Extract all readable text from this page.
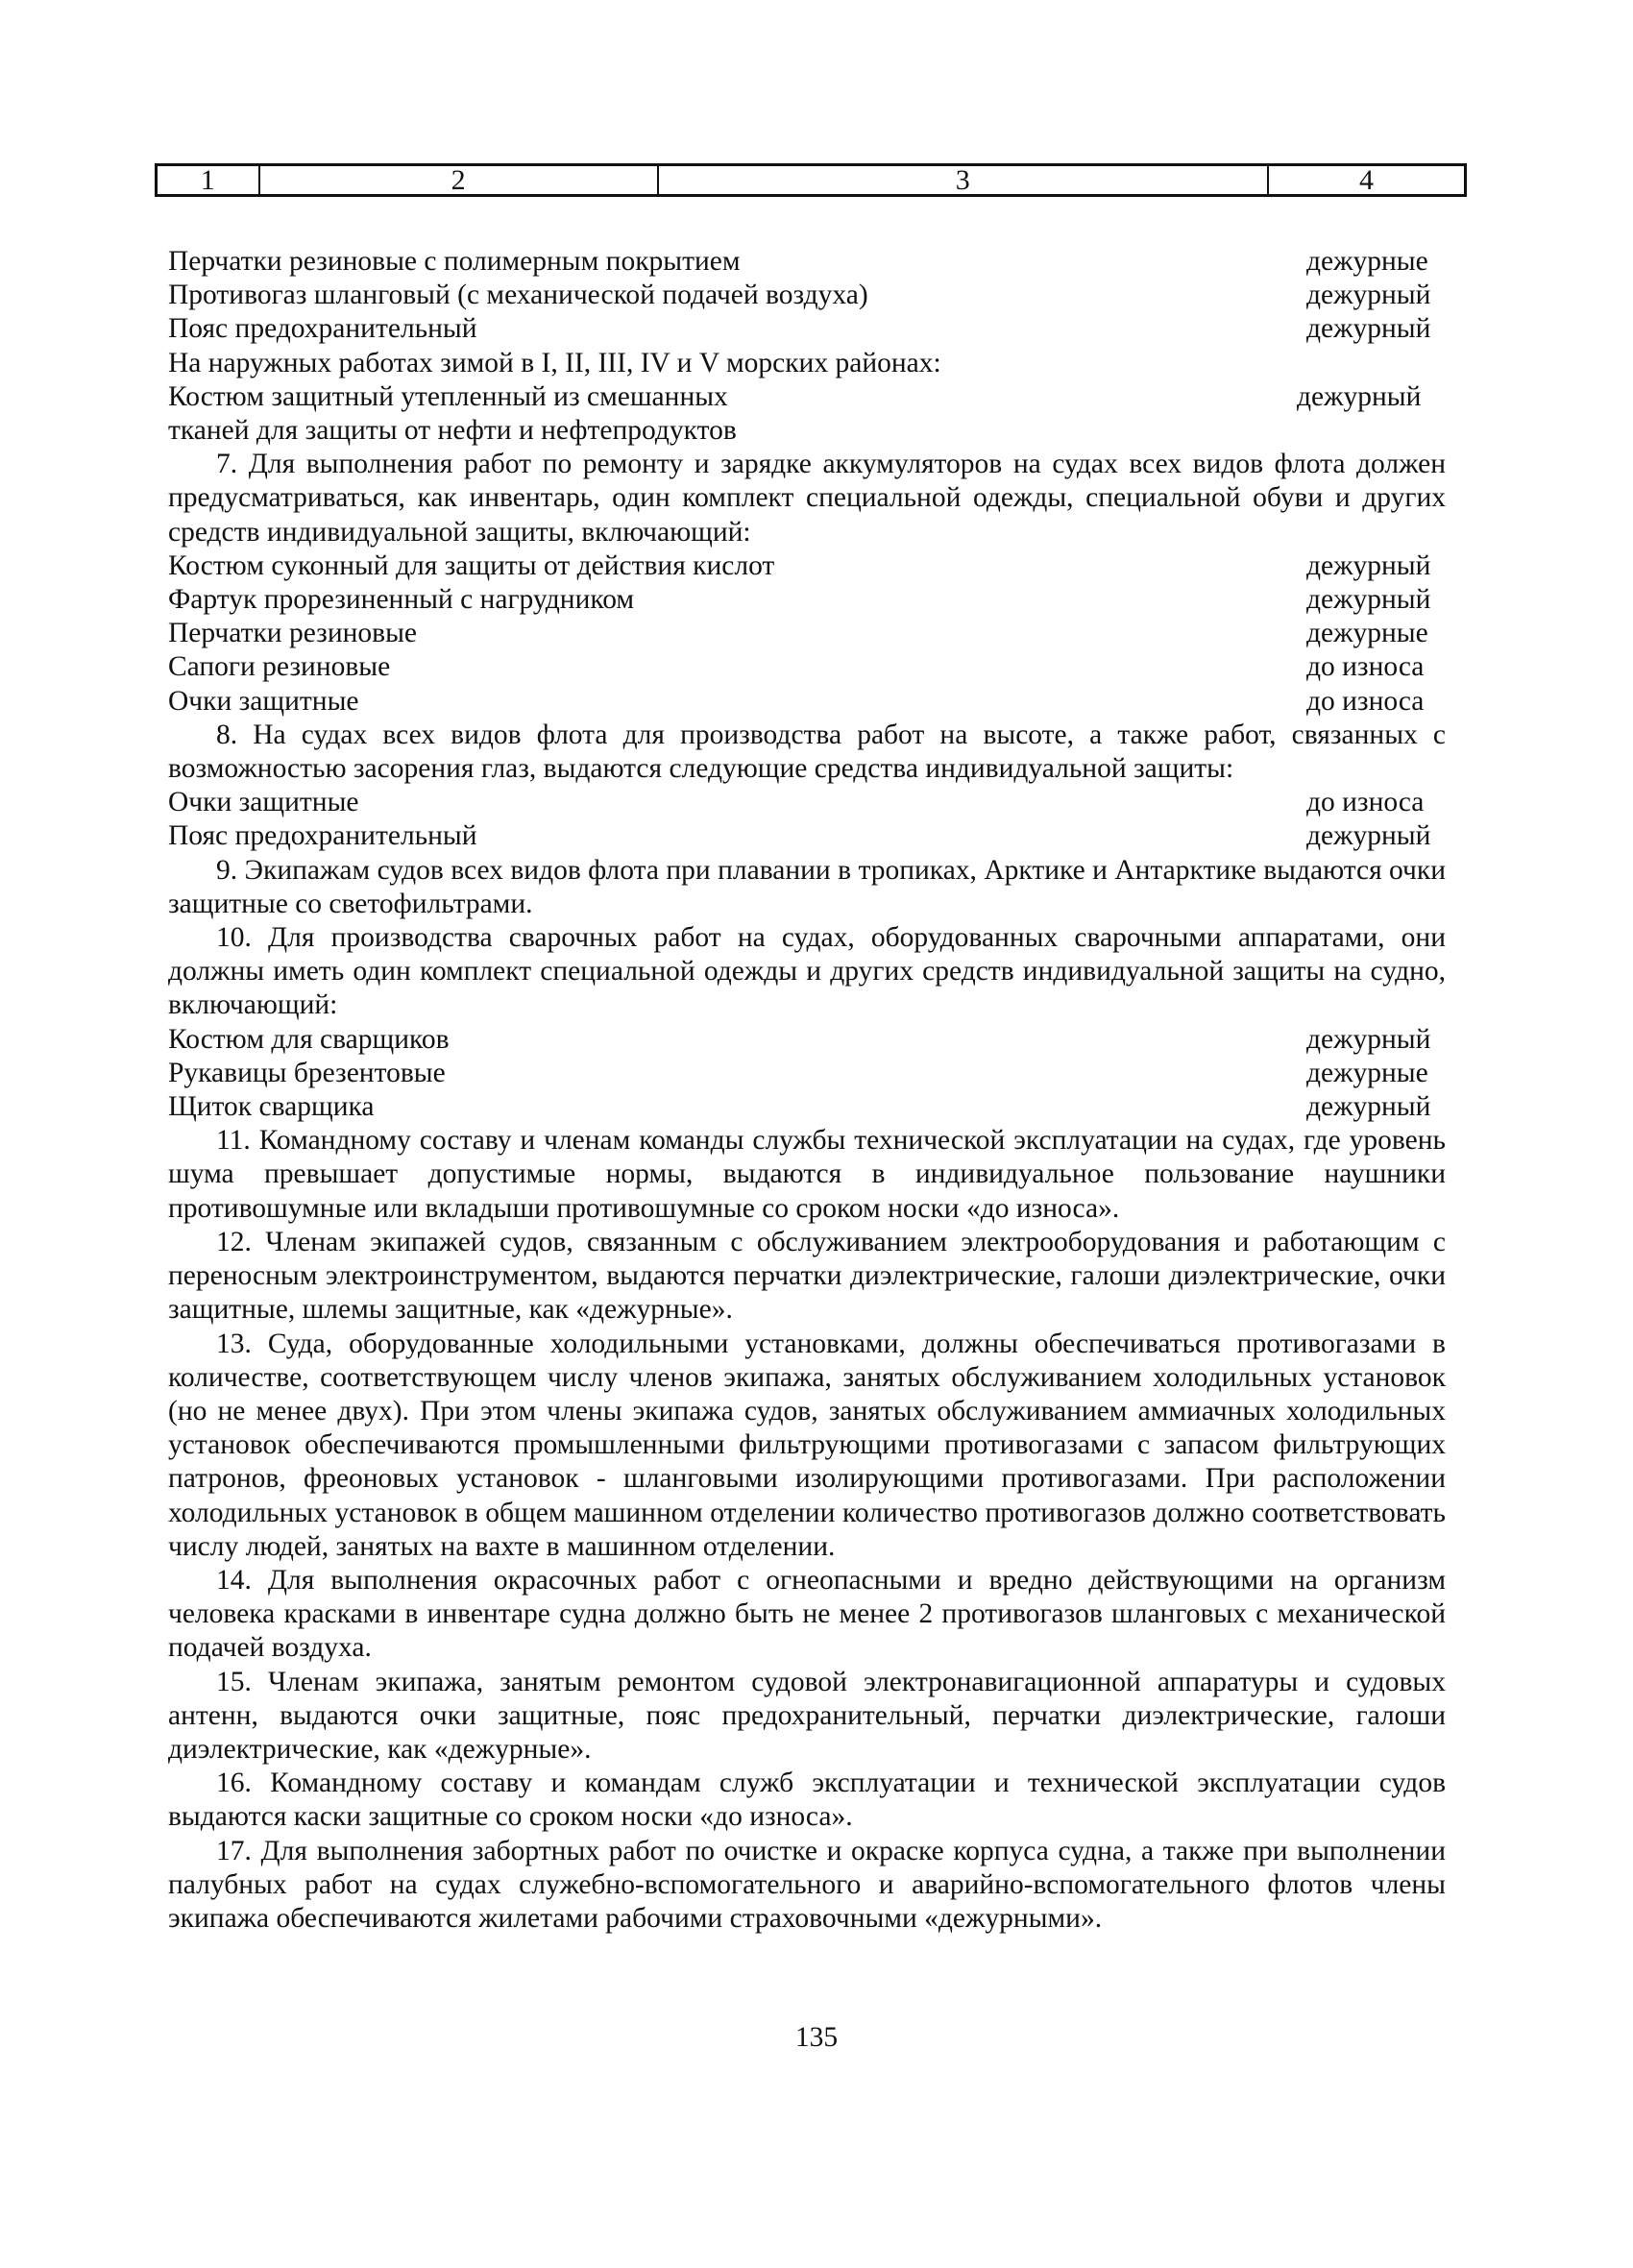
1	2	3	4
Перчатки резиновые с полимерным покрытием	дежурные
Противогаз шланговый (с механической подачей воздуха)	дежурный
Пояс предохранительный	дежурный
На наружных работах зимой в I, II, III, IV и V морских районах:
Костюм защитный утепленный из смешанных	дежурный
тканей для защиты от нефти и нефтепродуктов

7. Для выполнения работ по ремонту и зарядке аккумуляторов на судах всех видов флота должен предусматриваться, как инвентарь, один комплект специальной одежды, специальной обуви и других средств индивидуальной защиты, включающий:

Костюм суконный для защиты от действия кислот	дежурный
Фартук прорезиненный с нагрудником	дежурный
Перчатки резиновые	дежурные
Сапоги резиновые	до износа
Очки защитные	до износа

8. На судах всех видов флота для производства работ на высоте, а также работ, связанных с возможностью засорения глаз, выдаются следующие средства индивидуальной защиты:

Очки защитные	до износа
Пояс предохранительный	дежурный

9. Экипажам судов всех видов флота при плавании в тропиках, Арктике и Антарктике выдаются очки защитные со светофильтрами.

10. Для производства сварочных работ на судах, оборудованных сварочными аппаратами, они должны иметь один комплект специальной одежды и других средств индивидуальной защиты на судно, включающий:

Костюм для сварщиков	дежурный
Рукавицы брезентовые	дежурные
Щиток сварщика	дежурный

11. Командному составу и членам команды службы технической эксплуатации на судах, где уровень шума превышает допустимые нормы, выдаются в индивидуальное пользование наушники противошумные или вкладыши противошумные со сроком носки «до износа».

12. Членам экипажей судов, связанным с обслуживанием электрооборудования и работающим с переносным электроинструментом, выдаются перчатки диэлектрические, галоши диэлектрические, очки защитные, шлемы защитные, как «дежурные».

13. Суда, оборудованные холодильными установками, должны обеспечиваться противогазами в количестве, соответствующем числу членов экипажа, занятых обслуживанием холодильных установок (но не менее двух). При этом члены экипажа судов, занятых обслуживанием аммиачных холодильных установок обеспечиваются промышленными фильтрующими противогазами с запасом фильтрующих патронов, фреоновых установок - шланговыми изолирующими противогазами. При расположении холодильных установок в общем машинном отделении количество противогазов должно соответствовать числу людей, занятых на вахте в машинном отделении.

14. Для выполнения окрасочных работ с огнеопасными и вредно действующими на организм человека красками в инвентаре судна должно быть не менее 2 противогазов шланговых с механической подачей воздуха.

15. Членам экипажа, занятым ремонтом судовой электронавигационной аппаратуры и судовых антенн, выдаются очки защитные, пояс предохранительный, перчатки диэлектрические, галоши диэлектрические, как «дежурные».

16. Командному составу и командам служб эксплуатации и технической эксплуатации судов выдаются каски защитные со сроком носки «до износа».

17. Для выполнения забортных работ по очистке и окраске корпуса судна, а также при выполнении палубных работ на судах служебно-вспомогательного и аварийно-вспомогательного флотов члены экипажа обеспечиваются жилетами рабочими страховочными «дежурными».

135
